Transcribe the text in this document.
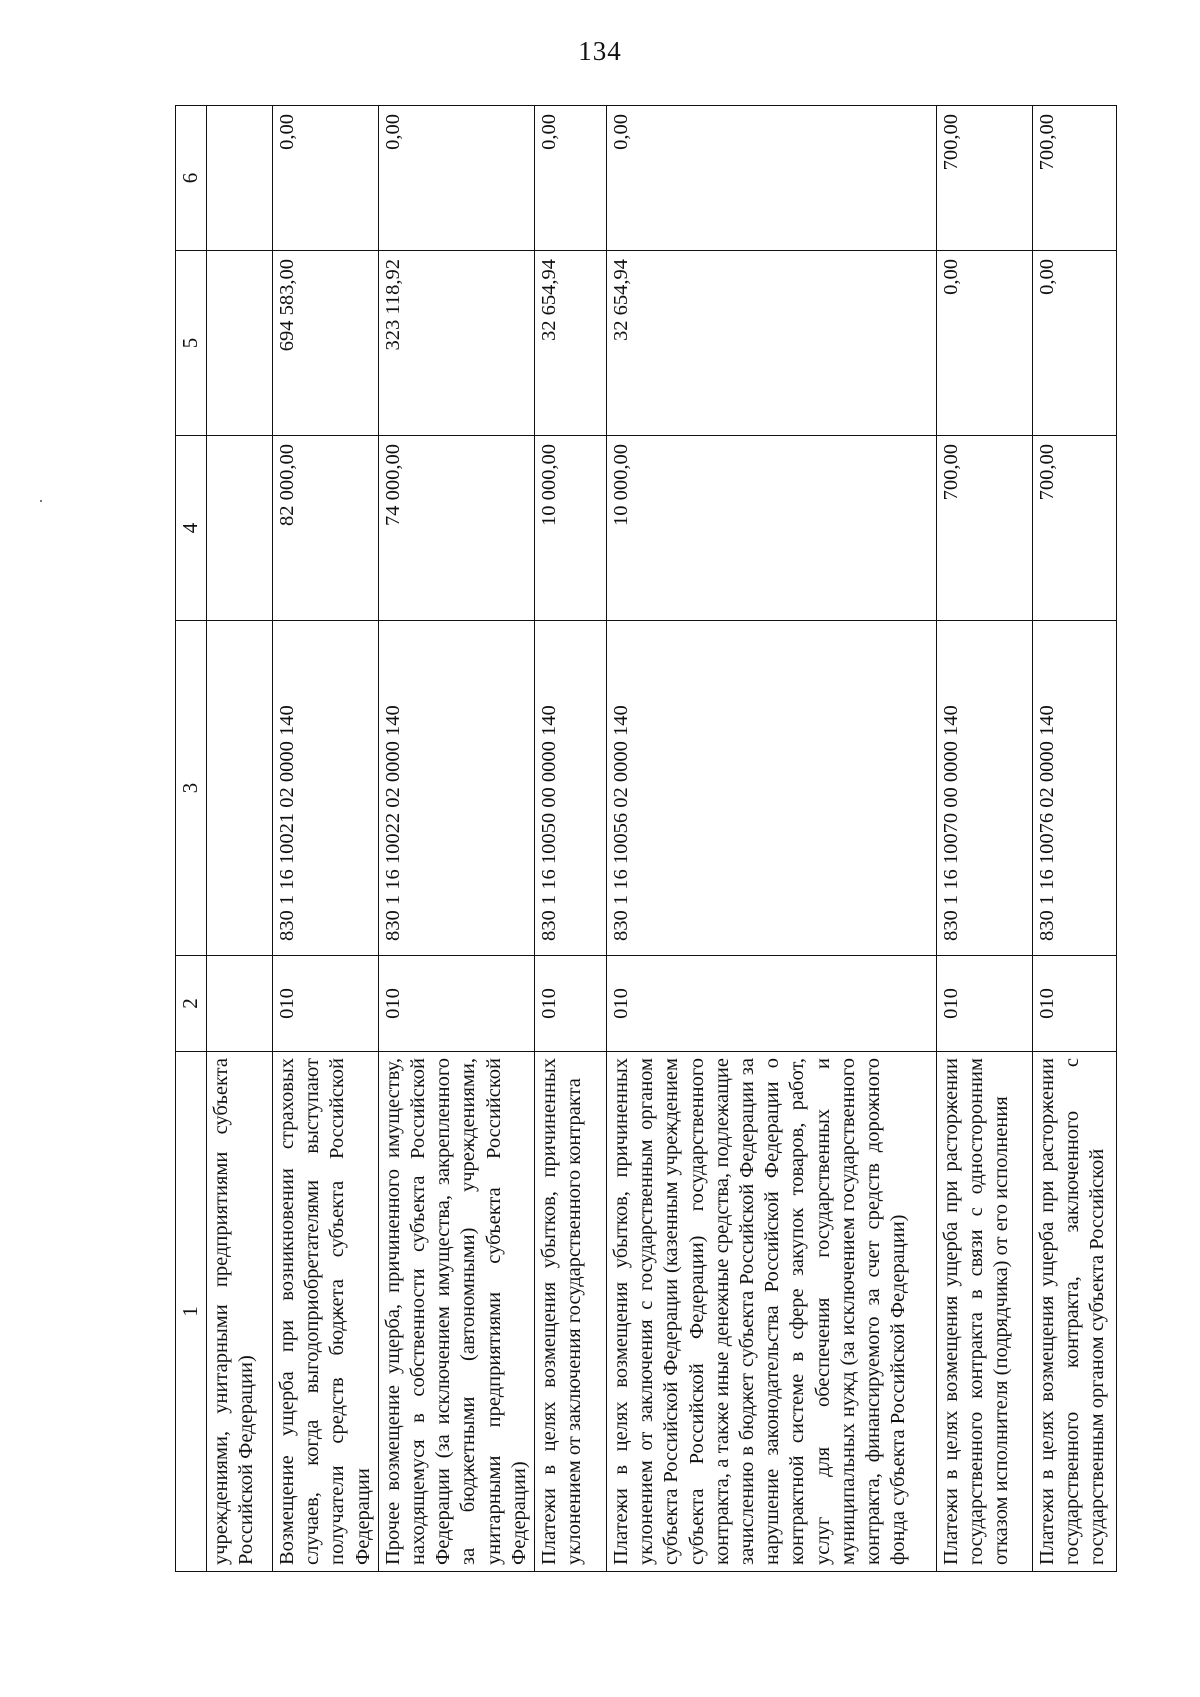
134
1	2	3	4	5	6
учреждениями, унитарными предприятиями субъекта Российской Федерации)					
Возмещение ущерба при возникновении страховых случаев, когда выгодоприобретателями выступают получатели средств бюджета субъекта Российской Федерации	010	830 1 16 10021 02 0000 140	82 000,00	694 583,00	0,00
Прочее возмещение ущерба, причиненного имуществу, находящемуся в собственности субъекта Российской Федерации (за исключением имущества, закрепленного за бюджетными (автономными) учреждениями, унитарными предприятиями субъекта Российской Федерации)	010	830 1 16 10022 02 0000 140	74 000,00	323 118,92	0,00
Платежи в целях возмещения убытков, причиненных уклонением от заключения государственного контракта	010	830 1 16 10050 00 0000 140	10 000,00	32 654,94	0,00
Платежи в целях возмещения убытков, причиненных уклонением от заключения с государственным органом субъекта Российской Федерации (казенным учреждением субъекта Российской Федерации) государственного контракта, а также иные денежные средства, подлежащие зачислению в бюджет субъекта Российской Федерации за нарушение законодательства Российской Федерации о контрактной системе в сфере закупок товаров, работ, услуг для обеспечения государственных и муниципальных нужд (за исключением государственного контракта, финансируемого за счет средств дорожного фонда субъекта Российской Федерации)	010	830 1 16 10056 02 0000 140	10 000,00	32 654,94	0,00
Платежи в целях возмещения ущерба при расторжении государственного контракта в связи с односторонним отказом исполнителя (подрядчика) от его исполнения	010	830 1 16 10070 00 0000 140	700,00	0,00	700,00
Платежи в целях возмещения ущерба при расторжении государственного контракта, заключенного с государственным органом субъекта Российской	010	830 1 16 10076 02 0000 140	700,00	0,00	700,00
